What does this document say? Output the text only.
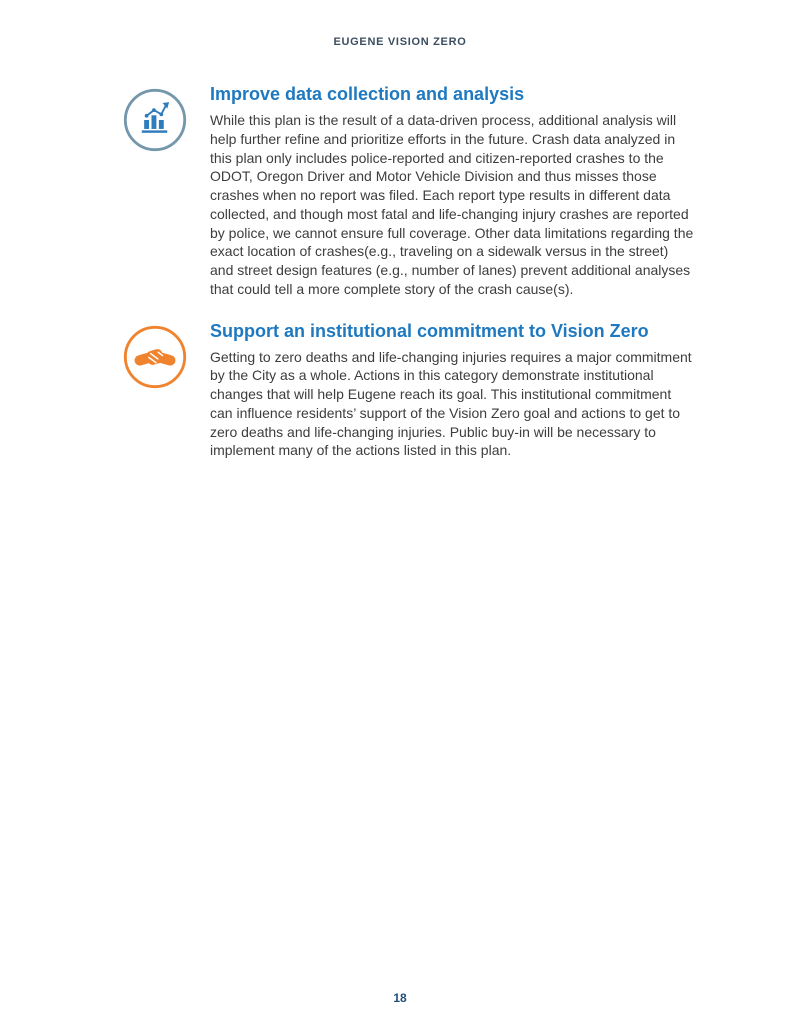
EUGENE VISION ZERO
Improve data collection and analysis

While this plan is the result of a data-driven process, additional analysis will help further refine and prioritize efforts in the future. Crash data analyzed in this plan only includes police-reported and citizen-reported crashes to the ODOT, Oregon Driver and Motor Vehicle Division and thus misses those crashes when no report was filed. Each report type results in different data collected, and though most fatal and life-changing injury crashes are reported by police, we cannot ensure full coverage. Other data limitations regarding the exact location of crashes(e.g., traveling on a sidewalk versus in the street) and street design features (e.g., number of lanes) prevent additional analyses that could tell a more complete story of the crash cause(s).

Support an institutional commitment to Vision Zero

Getting to zero deaths and life-changing injuries requires a major commitment by the City as a whole. Actions in this category demonstrate institutional changes that will help Eugene reach its goal. This institutional commitment can influence residents’ support of the Vision Zero goal and actions to get to zero deaths and life-changing injuries. Public buy-in will be necessary to implement many of the actions listed in this plan.

18
